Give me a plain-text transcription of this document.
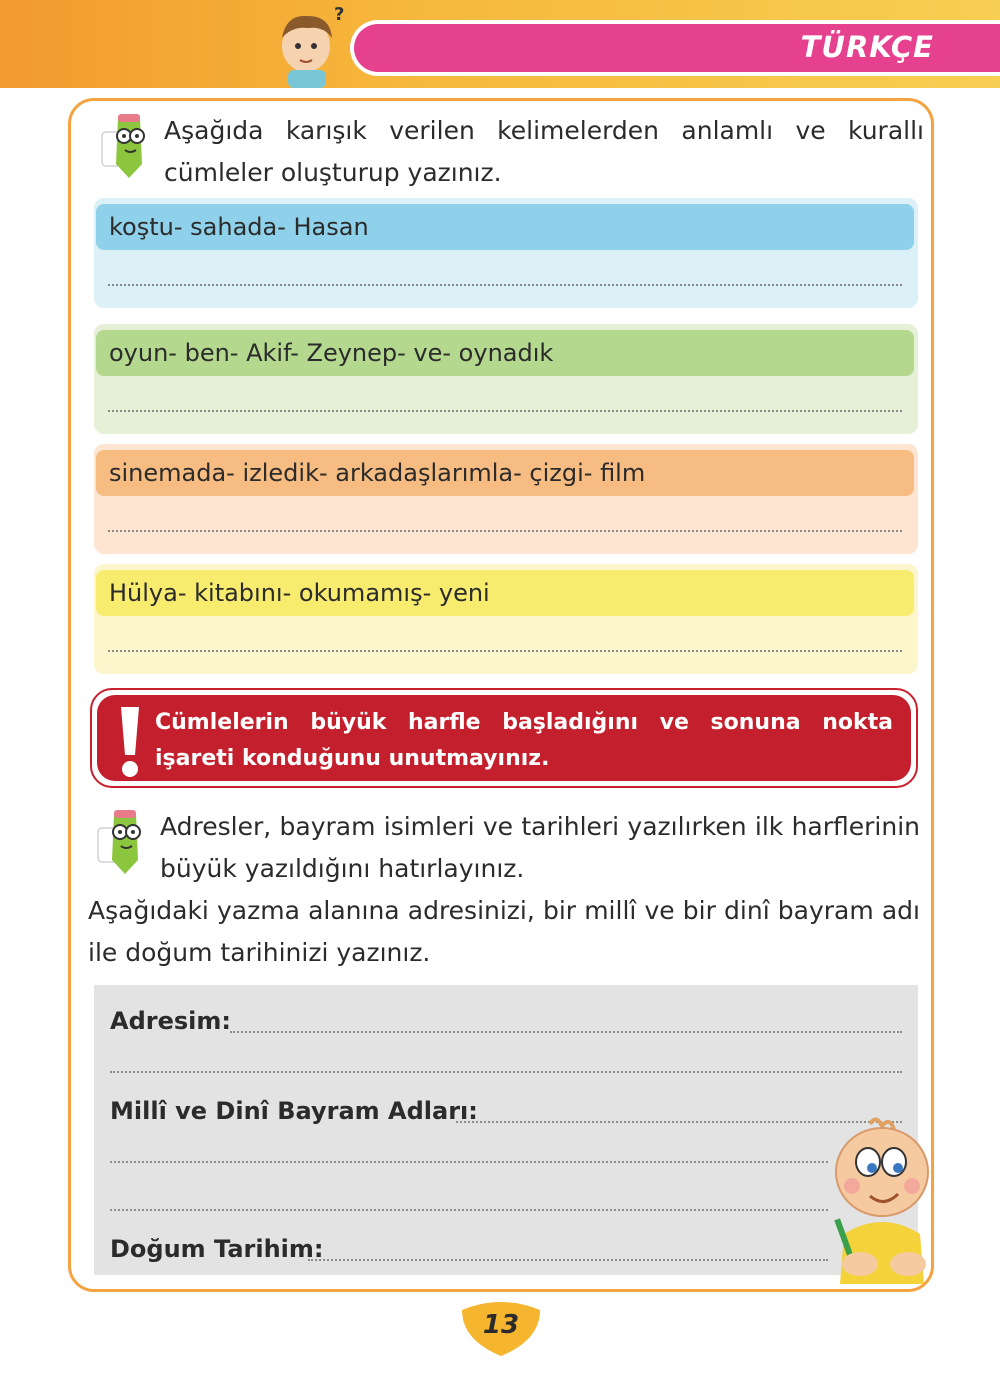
?
TÜRKÇE
Aşağıda karışık verilen kelimelerden anlamlı ve kurallı cümleler oluşturup yazınız.
koştu- sahada- Hasan
oyun- ben- Akif- Zeynep- ve- oynadık
sinemada- izledik- arkadaşlarımla- çizgi- film
Hülya- kitabını- okumamış- yeni
Cümlelerin büyük harfle başladığını ve sonuna nokta işareti konduğunu unutmayınız.
Adresler, bayram isimleri ve tarihleri yazılırken ilk harflerinin büyük yazıldığını hatırlayınız.
Aşağıdaki yazma alanına adresinizi, bir millî ve bir dinî bayram adı ile doğum tarihinizi yazınız.
Adresim:
Millî ve Dinî Bayram Adları:
Doğum Tarihim:
13
